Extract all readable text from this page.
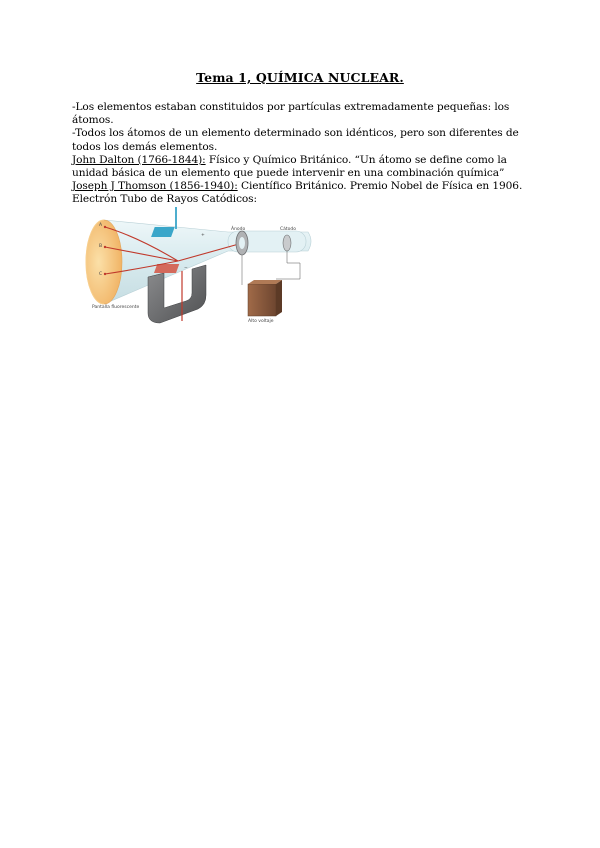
Tema 1, QUÍMICA NUCLEAR.

-Los elementos estaban constituidos por partículas extremadamente pequeñas: los átomos.

-Todos los átomos de un elemento determinado son idénticos, pero son diferentes de todos los demás elementos.

John Dalton (1766-1844): Físico y Químico Británico. “Un átomo se define como la unidad básica de un elemento que puede intervenir en una combinación química”

Joseph J Thomson (1856-1940): Científico Británico. Premio Nobel de Física en 1906.

Electrón Tubo de Rayos Catódicos:

A
B
C
Pantalla fluorescente
Ánodo	Cátodo
Alto voltaje
+
−
